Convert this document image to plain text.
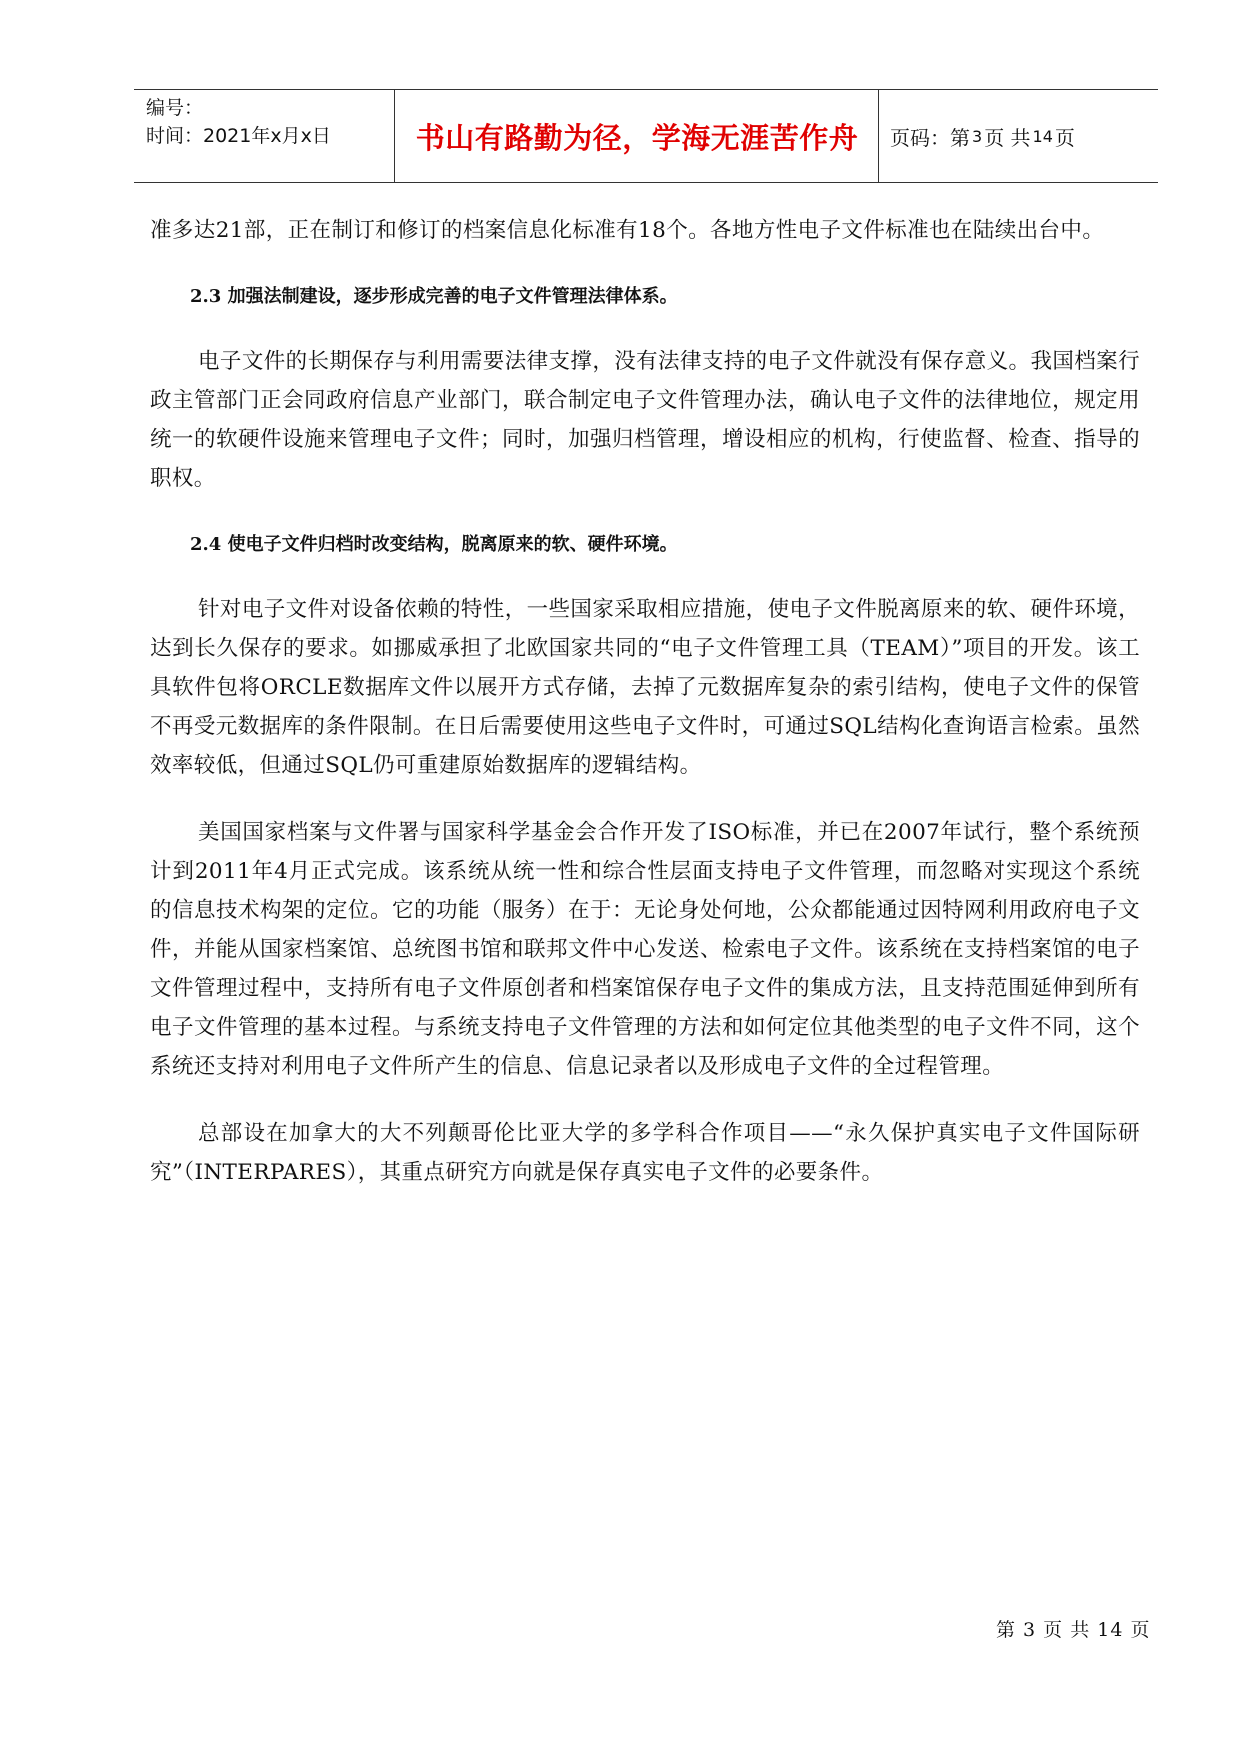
编号：
时间：2021年x月x日	书山有路勤为径，学海无涯苦作舟	页码：第 3 页 共 14 页

准多达21部，正在制订和修订的档案信息化标准有18个。各地方性电子文件标准也在陆续出台中。

2.3 加强法制建设，逐步形成完善的电子文件管理法律体系。

电子文件的长期保存与利用需要法律支撑，没有法律支持的电子文件就没有保存意义。我国档案行政主管部门正会同政府信息产业部门，联合制定电子文件管理办法，确认电子文件的法律地位，规定用统一的软硬件设施来管理电子文件；同时，加强归档管理，增设相应的机构，行使监督、检查、指导的职权。

2.4 使电子文件归档时改变结构，脱离原来的软、硬件环境。

针对电子文件对设备依赖的特性，一些国家采取相应措施，使电子文件脱离原来的软、硬件环境，达到长久保存的要求。如挪威承担了北欧国家共同的“电子文件管理工具（TEAM）”项目的开发。该工具软件包将ORCLE数据库文件以展开方式存储，去掉了元数据库复杂的索引结构，使电子文件的保管不再受元数据库的条件限制。在日后需要使用这些电子文件时，可通过SQL结构化查询语言检索。虽然效率较低，但通过SQL仍可重建原始数据库的逻辑结构。

美国国家档案与文件署与国家科学基金会合作开发了ISO标准，并已在2007年试行，整个系统预计到2011年4月正式完成。该系统从统一性和综合性层面支持电子文件管理，而忽略对实现这个系统的信息技术构架的定位。它的功能（服务）在于：无论身处何地，公众都能通过因特网利用政府电子文件，并能从国家档案馆、总统图书馆和联邦文件中心发送、检索电子文件。该系统在支持档案馆的电子文件管理过程中，支持所有电子文件原创者和档案馆保存电子文件的集成方法，且支持范围延伸到所有电子文件管理的基本过程。与系统支持电子文件管理的方法和如何定位其他类型的电子文件不同，这个系统还支持对利用电子文件所产生的信息、信息记录者以及形成电子文件的全过程管理。

总部设在加拿大的大不列颠哥伦比亚大学的多学科合作项目——“永久保护真实电子文件国际研究”（INTERPARES），其重点研究方向就是保存真实电子文件的必要条件。

第 3 页 共 14 页
